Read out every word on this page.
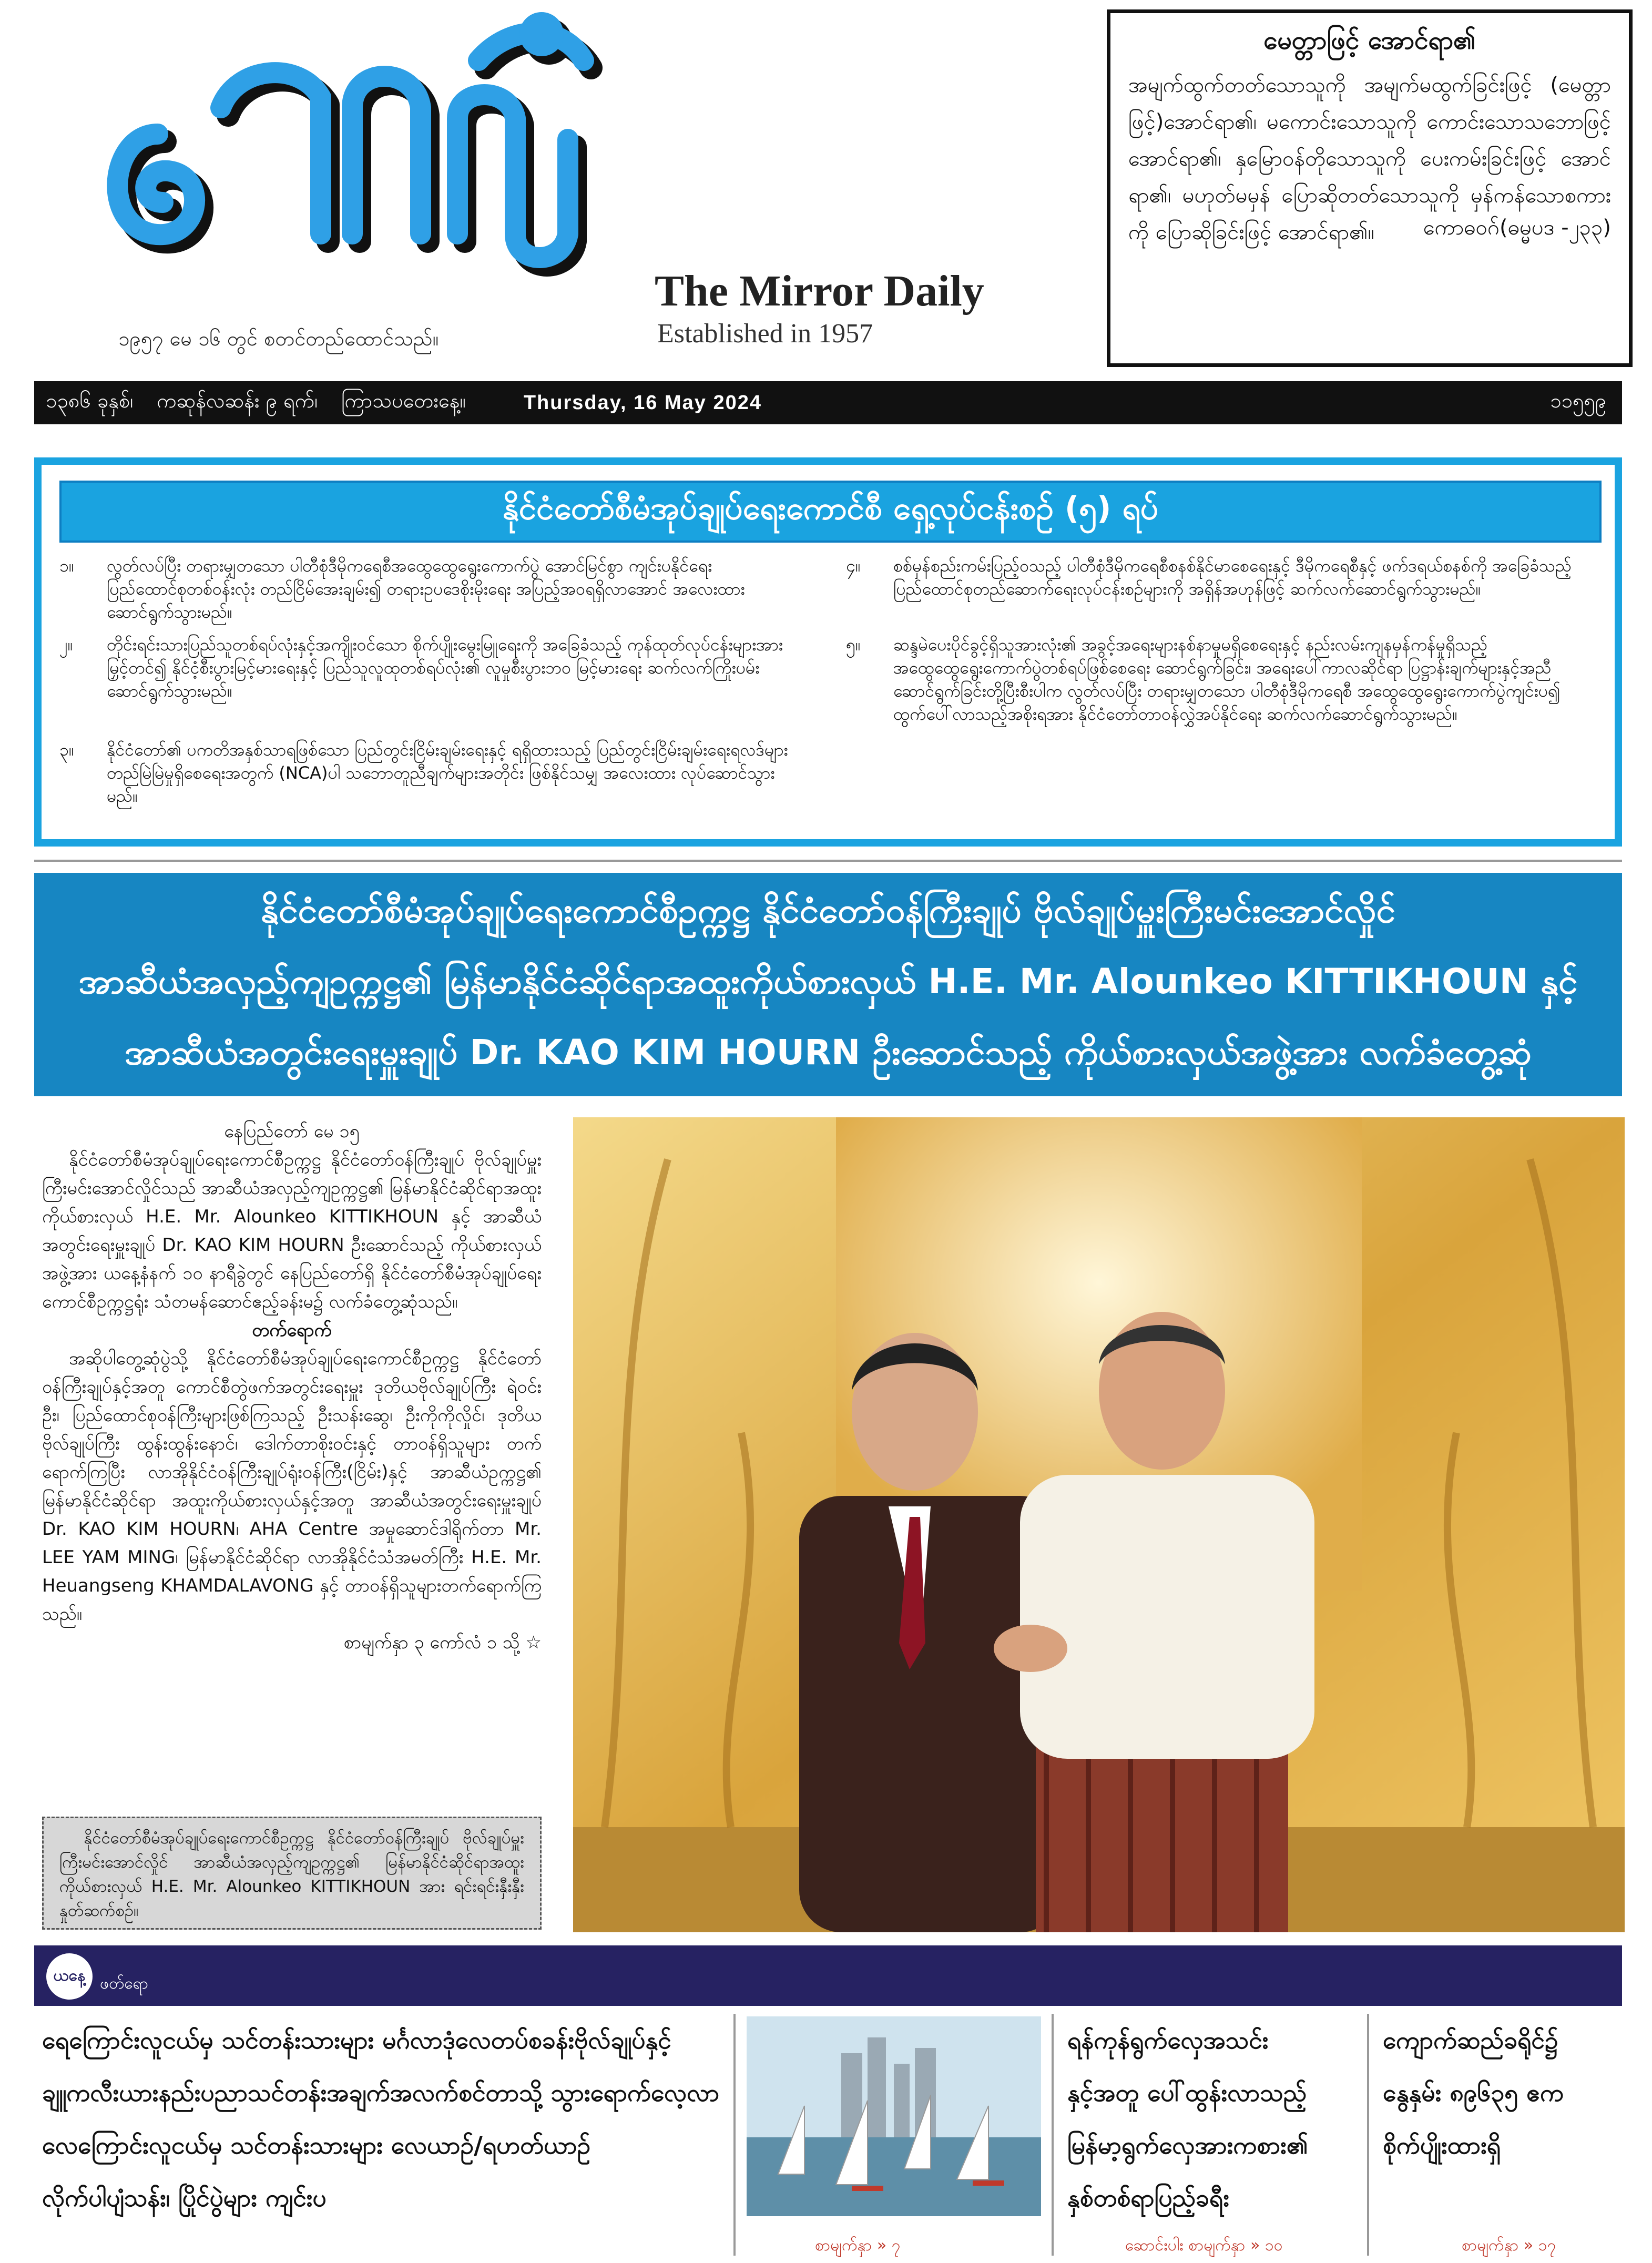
The Mirror Daily
Established in 1957
၁၉၅၇ မေ ၁၆ တွင် စတင်တည်ထောင်သည်။
မေတ္တာဖြင့် အောင်ရာ၏
အမျက်ထွက်တတ်သောသူကို အမျက်မထွက်ခြင်းဖြင့် (မေတ္တာဖြင့်)အောင်ရာ၏၊ မကောင်းသောသူကို ကောင်းသောသဘောဖြင့် အောင်ရာ၏၊ နှမြောဝန်တိုသောသူကို ပေးကမ်းခြင်းဖြင့် အောင်ရာ၏၊ မဟုတ်မမှန် ပြောဆိုတတ်သောသူကို မှန်ကန်သောစကားကို ပြောဆိုခြင်းဖြင့် အောင်ရာ၏။	ကောဓဝဂ်(ဓမ္မပဒ -၂၃၃)
၁၃၈၆ ခုနှစ်၊ ကဆုန်လဆန်း ၉ ရက်၊ ကြာသပတေးနေ့။	Thursday, 16 May 2024	၁၁၅၅၉
နိုင်ငံတော်စီမံအုပ်ချုပ်ရေးကောင်စီ ရှေ့လုပ်ငန်းစဉ် (၅) ရပ်
၁။	လွတ်လပ်ပြီး တရားမျှတသော ပါတီစုံဒီမိုကရေစီအထွေထွေရွေးကောက်ပွဲ အောင်မြင်စွာ ကျင်းပနိုင်ရေး ပြည်ထောင်စုတစ်ဝန်းလုံး တည်ငြိမ်အေးချမ်း၍ တရားဥပဒေစိုးမိုးရေး အပြည့်အဝရရှိလာအောင် အလေးထားဆောင်ရွက်သွားမည်။
၂။	တိုင်းရင်းသားပြည်သူတစ်ရပ်လုံးနှင့်အကျိုးဝင်သော စိုက်ပျိုးမွေးမြူရေးကို အခြေခံသည့် ကုန်ထုတ်လုပ်ငန်းများအား မြှင့်တင်၍ နိုင်ငံ့စီးပွားမြင့်မားရေးနှင့် ပြည်သူလူထုတစ်ရပ်လုံး၏ လူမှုစီးပွားဘဝ မြင့်မားရေး ဆက်လက်ကြိုးပမ်းဆောင်ရွက်သွားမည်။
၃။	နိုင်ငံတော်၏ ပကတိအနှစ်သာရဖြစ်သော ပြည်တွင်းငြိမ်းချမ်းရေးနှင့် ရရှိထားသည့် ပြည်တွင်းငြိမ်းချမ်းရေးရလဒ်များ တည်မြဲမြဲမှုရှိစေရေးအတွက် (NCA)ပါ သဘောတူညီချက်များအတိုင်း ဖြစ်နိုင်သမျှ အလေးထား လုပ်ဆောင်သွားမည်။
၄။	စစ်မှန်စည်းကမ်းပြည့်ဝသည့် ပါတီစုံဒီမိုကရေစီစနစ်နိုင်မာစေရေးနှင့် ဒီမိုကရေစီနှင့် ဖက်ဒရယ်စနစ်ကို အခြေခံသည့် ပြည်ထောင်စုတည်ဆောက်ရေးလုပ်ငန်းစဉ်များကို အရှိန်အဟုန်ဖြင့် ဆက်လက်ဆောင်ရွက်သွားမည်။
၅။	ဆန္ဒမဲပေးပိုင်ခွင့်ရှိသူအားလုံး၏ အခွင့်အရေးများနစ်နာမှုမရှိစေရေးနှင့် နည်းလမ်းကျနမှန်ကန်မှုရှိသည့် အထွေထွေရွေးကောက်ပွဲတစ်ရပ်ဖြစ်စေရေး ဆောင်ရွက်ခြင်း၊ အရေးပေါ်ကာလဆိုင်ရာ ပြဋ္ဌာန်းချက်များနှင့်အညီ ဆောင်ရွက်ခြင်းတို့ပြီးစီးပါက လွတ်လပ်ပြီး တရားမျှတသော ပါတီစုံဒီမိုကရေစီ အထွေထွေရွေးကောက်ပွဲကျင်းပ၍ ထွက်ပေါ်လာသည့်အစိုးရအား နိုင်ငံတော်တာဝန်လွှဲအပ်နိုင်ရေး ဆက်လက်ဆောင်ရွက်သွားမည်။
နိုင်ငံတော်စီမံအုပ်ချုပ်ရေးကောင်စီဥက္ကဋ္ဌ နိုင်ငံတော်ဝန်ကြီးချုပ် ဗိုလ်ချုပ်မှူးကြီးမင်းအောင်လှိုင်
အာဆီယံအလှည့်ကျဥက္ကဋ္ဌ၏ မြန်မာနိုင်ငံဆိုင်ရာအထူးကိုယ်စားလှယ် H.E. Mr. Alounkeo KITTIKHOUN နှင့်
အာဆီယံအတွင်းရေးမှူးချုပ် Dr. KAO KIM HOURN ဦးဆောင်သည့် ကိုယ်စားလှယ်အဖွဲ့အား လက်ခံတွေ့ဆုံ
နေပြည်တော် မေ ၁၅
နိုင်ငံတော်စီမံအုပ်ချုပ်ရေးကောင်စီဥက္ကဋ္ဌ နိုင်ငံတော်ဝန်ကြီးချုပ် ဗိုလ်ချုပ်မှူးကြီးမင်းအောင်လှိုင်သည် အာဆီယံအလှည့်ကျဥက္ကဋ္ဌ၏ မြန်မာနိုင်ငံဆိုင်ရာအထူးကိုယ်စားလှယ် H.E. Mr. Alounkeo KITTIKHOUN နှင့် အာဆီယံအတွင်းရေးမှူးချုပ် Dr. KAO KIM HOURN ဦးဆောင်သည့် ကိုယ်စားလှယ်အဖွဲ့အား ယနေ့နံနက် ၁၀ နာရီခွဲတွင် နေပြည်တော်ရှိ နိုင်ငံတော်စီမံအုပ်ချုပ်ရေးကောင်စီဥက္ကဋ္ဌရုံး သံတမန်ဆောင်ဧည့်ခန်းမ၌ လက်ခံတွေ့ဆုံသည်။
တက်ရောက်
အဆိုပါတွေ့ဆုံပွဲသို့ နိုင်ငံတော်စီမံအုပ်ချုပ်ရေးကောင်စီဥက္ကဋ္ဌ နိုင်ငံတော်ဝန်ကြီးချုပ်နှင့်အတူ ကောင်စီတွဲဖက်အတွင်းရေးမှူး ဒုတိယဗိုလ်ချုပ်ကြီး ရဲဝင်းဦး၊ ပြည်ထောင်စုဝန်ကြီးများဖြစ်ကြသည့် ဦးသန်းဆွေ၊ ဦးကိုကိုလှိုင်၊ ဒုတိယဗိုလ်ချုပ်ကြီး ထွန်းထွန်းနောင်၊ ဒေါက်တာစိုးဝင်းနှင့် တာဝန်ရှိသူများ တက်ရောက်ကြပြီး လာအိုနိုင်ငံဝန်ကြီးချုပ်ရုံးဝန်ကြီး(ငြိမ်း)နှင့် အာဆီယံဥက္ကဋ္ဌ၏ မြန်မာနိုင်ငံဆိုင်ရာ အထူးကိုယ်စားလှယ်နှင့်အတူ အာဆီယံအတွင်းရေးမှူးချုပ် Dr. KAO KIM HOURN၊ AHA Centre အမှုဆောင်ဒါရိုက်တာ Mr. LEE YAM MING၊ မြန်မာနိုင်ငံဆိုင်ရာ လာအိုနိုင်ငံသံအမတ်ကြီး H.E. Mr. Heuangseng KHAMDALAVONG နှင့် တာဝန်ရှိသူများတက်ရောက်ကြသည်။
စာမျက်နှာ ၃ ကော်လံ ၁ သို့ ☆
နိုင်ငံတော်စီမံအုပ်ချုပ်ရေးကောင်စီဥက္ကဋ္ဌ နိုင်ငံတော်ဝန်ကြီးချုပ် ဗိုလ်ချုပ်မှူးကြီးမင်းအောင်လှိုင် အာဆီယံအလှည့်ကျဥက္ကဋ္ဌ၏ မြန်မာနိုင်ငံဆိုင်ရာအထူးကိုယ်စားလှယ် H.E. Mr. Alounkeo KITTIKHOUN အား ရင်းရင်းနှီးနှီးနှုတ်ဆက်စဉ်။
ယနေ့ ဖတ်ရော
ရေကြောင်းလူငယ်မှ သင်တန်းသားများ မင်္ဂလာဒုံလေတပ်စခန်းဗိုလ်ချုပ်နှင့်
ချူကလီးယားနည်းပညာသင်တန်းအချက်အလက်စင်တာသို့ သွားရောက်လေ့လာ
လေကြောင်းလူငယ်မှ သင်တန်းသားများ လေယာဉ်/ရဟတ်ယာဉ်
လိုက်ပါပျံသန်း၊ ပြိုင်ပွဲများ ကျင်းပ
စာမျက်နှာ » ၇
ရန်ကုန်ရွက်လှေအသင်း
နှင့်အတူ ပေါ်ထွန်းလာသည့်
မြန်မာ့ရွက်လှေအားကစား၏
နှစ်တစ်ရာပြည့်ခရီး
ဆောင်းပါး စာမျက်နှာ » ၁၀
ကျောက်ဆည်ခရိုင်၌
နွေနှမ်း ၈၉၆၃၅ ဧက
စိုက်ပျိုးထားရှိ
စာမျက်နှာ » ၁၇
